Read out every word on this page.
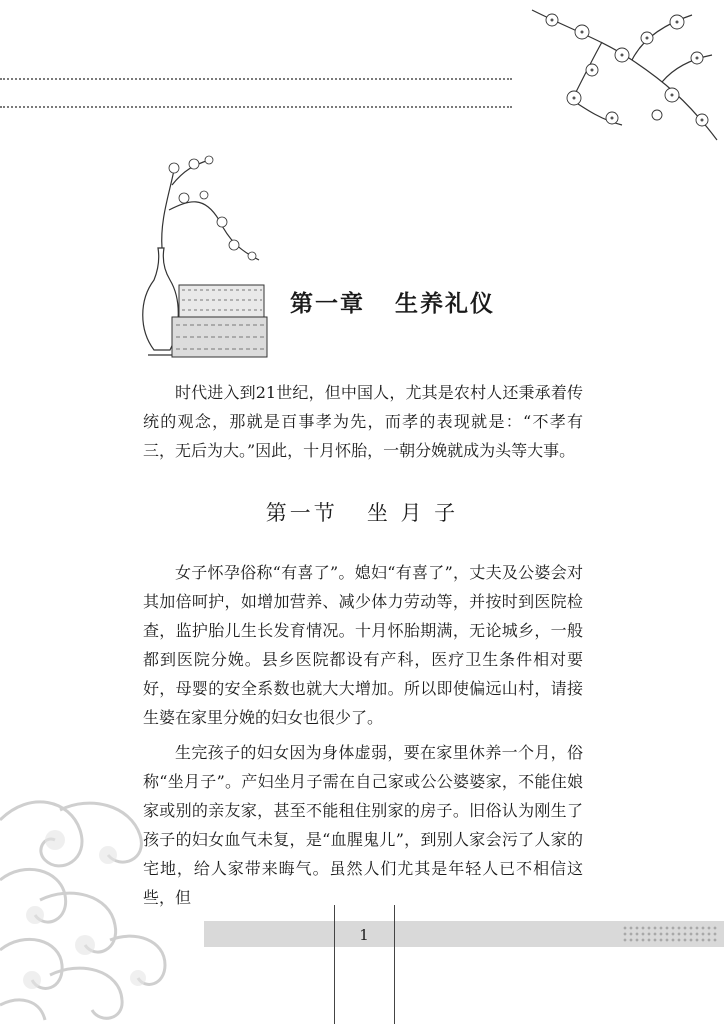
第一章   生养礼仪

时代进入到21世纪，但中国人，尤其是农村人还秉承着传统的观念，那就是百事孝为先，而孝的表现就是：“不孝有三，无后为大。”因此，十月怀胎，一朝分娩就成为头等大事。

第一节   坐 月 子

女子怀孕俗称“有喜了”。媳妇“有喜了”，丈夫及公婆会对其加倍呵护，如增加营养、减少体力劳动等，并按时到医院检查，监护胎儿生长发育情况。十月怀胎期满，无论城乡，一般都到医院分娩。县乡医院都设有产科，医疗卫生条件相对要好，母婴的安全系数也就大大增加。所以即使偏远山村，请接生婆在家里分娩的妇女也很少了。

生完孩子的妇女因为身体虚弱，要在家里休养一个月，俗称“坐月子”。产妇坐月子需在自己家或公公婆婆家，不能住娘家或别的亲友家，甚至不能租住别家的房子。旧俗认为刚生了孩子的妇女血气未复，是“血腥鬼儿”，到别人家会污了人家的宅地，给人家带来晦气。虽然人们尤其是年轻人已不相信这些，但

1
